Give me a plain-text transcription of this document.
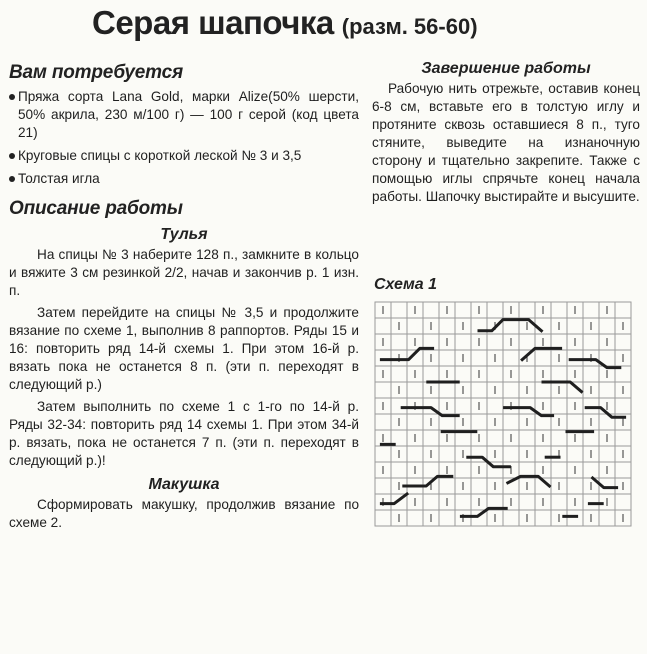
Серая шапочка (разм. 56-60)
Вам потребуется
Пряжа сорта Lana Gold, марки Alize(50% шерсти, 50% акрила, 230 м/100 г) — 100 г серой (код цвета 21)
Круговые спицы с короткой леской № 3 и 3,5
Толстая игла
Описание работы
Тулья

На спицы № 3 наберите 128 п., замкните в кольцо и вяжите 3 см резинкой 2/2, начав и закончив р. 1 изн. п.

Затем перейдите на спицы № 3,5 и продолжите вязание по схеме 1, выполнив 8 раппортов. Ряды 15 и 16: повторить ряд 14-й схемы 1. При этом 16-й р. вязать пока не останется 8 п. (эти п. переходят в следующий р.)

Затем выполнить по схеме 1 с 1-го по 14-й р. Ряды 32-34: повторить ряд 14 схемы 1. При этом 34-й р. вязать, пока не останется 7 п. (эти п. переходят в следующий р.)!

Макушка

Сформировать макушку, продолжив вязание по схеме 2.

Завершение работы

Рабочую нить отрежьте, оставив конец 6-8 см, вставьте его в толстую иглу и протяните сквозь оставшиеся 8 п., туго стяните, выведите на изнаночную сторону и тщательно закрепите. Также с помощью иглы спрячьте конец начала работы. Шапочку выстирайте и высушите.

Схема 1
